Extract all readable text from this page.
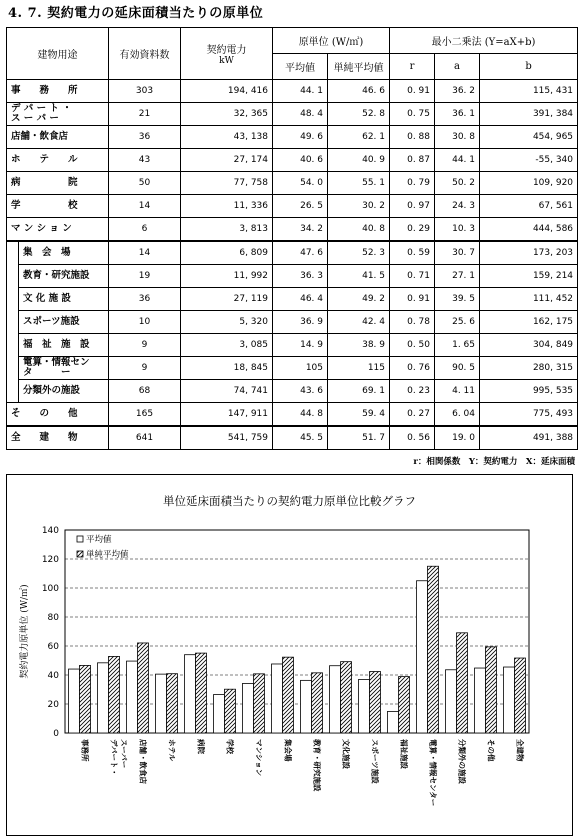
4. 7. 契約電力の延床面積当たりの原単位
建物用途		有効資料数	契約電力
kW	原単位 (W/㎡)		最小二乗法 (Y=aX+b)		
				平均値	単純平均値	r	a	b
事　　務　　所		303	194, 416	44. 1	46. 6	0. 91	36. 2	115, 431
デ パ ー ト ・
ス ー パ ー		21	32, 365	48. 4	52. 8	0. 75	36. 1	391, 384
店舗・飲食店		36	43, 138	49. 6	62. 1	0. 88	30. 8	454, 965
ホ　　テ　　ル		43	27, 174	40. 6	40. 9	0. 87	44. 1	-55, 340
病　　　　　院		50	77, 758	54. 0	55. 1	0. 79	50. 2	109, 920
学　　　　　校		14	11, 336	26. 5	30. 2	0. 97	24. 3	67, 561
マ ン シ ョ ン		6	3, 813	34. 2	40. 8	0. 29	10. 3	444, 586
	集　会　場	14	6, 809	47. 6	52. 3	0. 59	30. 7	173, 203
	教育・研究施設	19	11, 992	36. 3	41. 5	0. 71	27. 1	159, 214
	文 化 施 設	36	27, 119	46. 4	49. 2	0. 91	39. 5	111, 452
	スポーツ施設	10	5, 320	36. 9	42. 4	0. 78	25. 6	162, 175
	福　祉　施　設	9	3, 085	14. 9	38. 9	0. 50	1. 65	304, 849
	電算・情報セン
タ　　　ー	9	18, 845	105	115	0. 76	90. 5	280, 315
	分類外の施設	68	74, 741	43. 6	69. 1	0. 23	4. 11	995, 535
そ　　の　　他		165	147, 911	44. 8	59. 4	0. 27	6. 04	775, 493
全　　建　　物		641	541, 759	45. 5	51. 7	0. 56	19. 0	491, 388
r：相関係数　Y：契約電力　X：延床面積
単位延床面積当たりの契約電力原単位比較グラフ
0
20
40
60
80
100
120
140
契約電力原単位 (W/㎡)
事務所	デパート・ スーパー 店舗・飲食店	ホテル	病院	学校	マンション	集会場	教育・研究施設	文化施設	スポーツ施設	福祉施設	電算・情報センター	分類外の施設	その他	全建物
平均値
単純平均値
